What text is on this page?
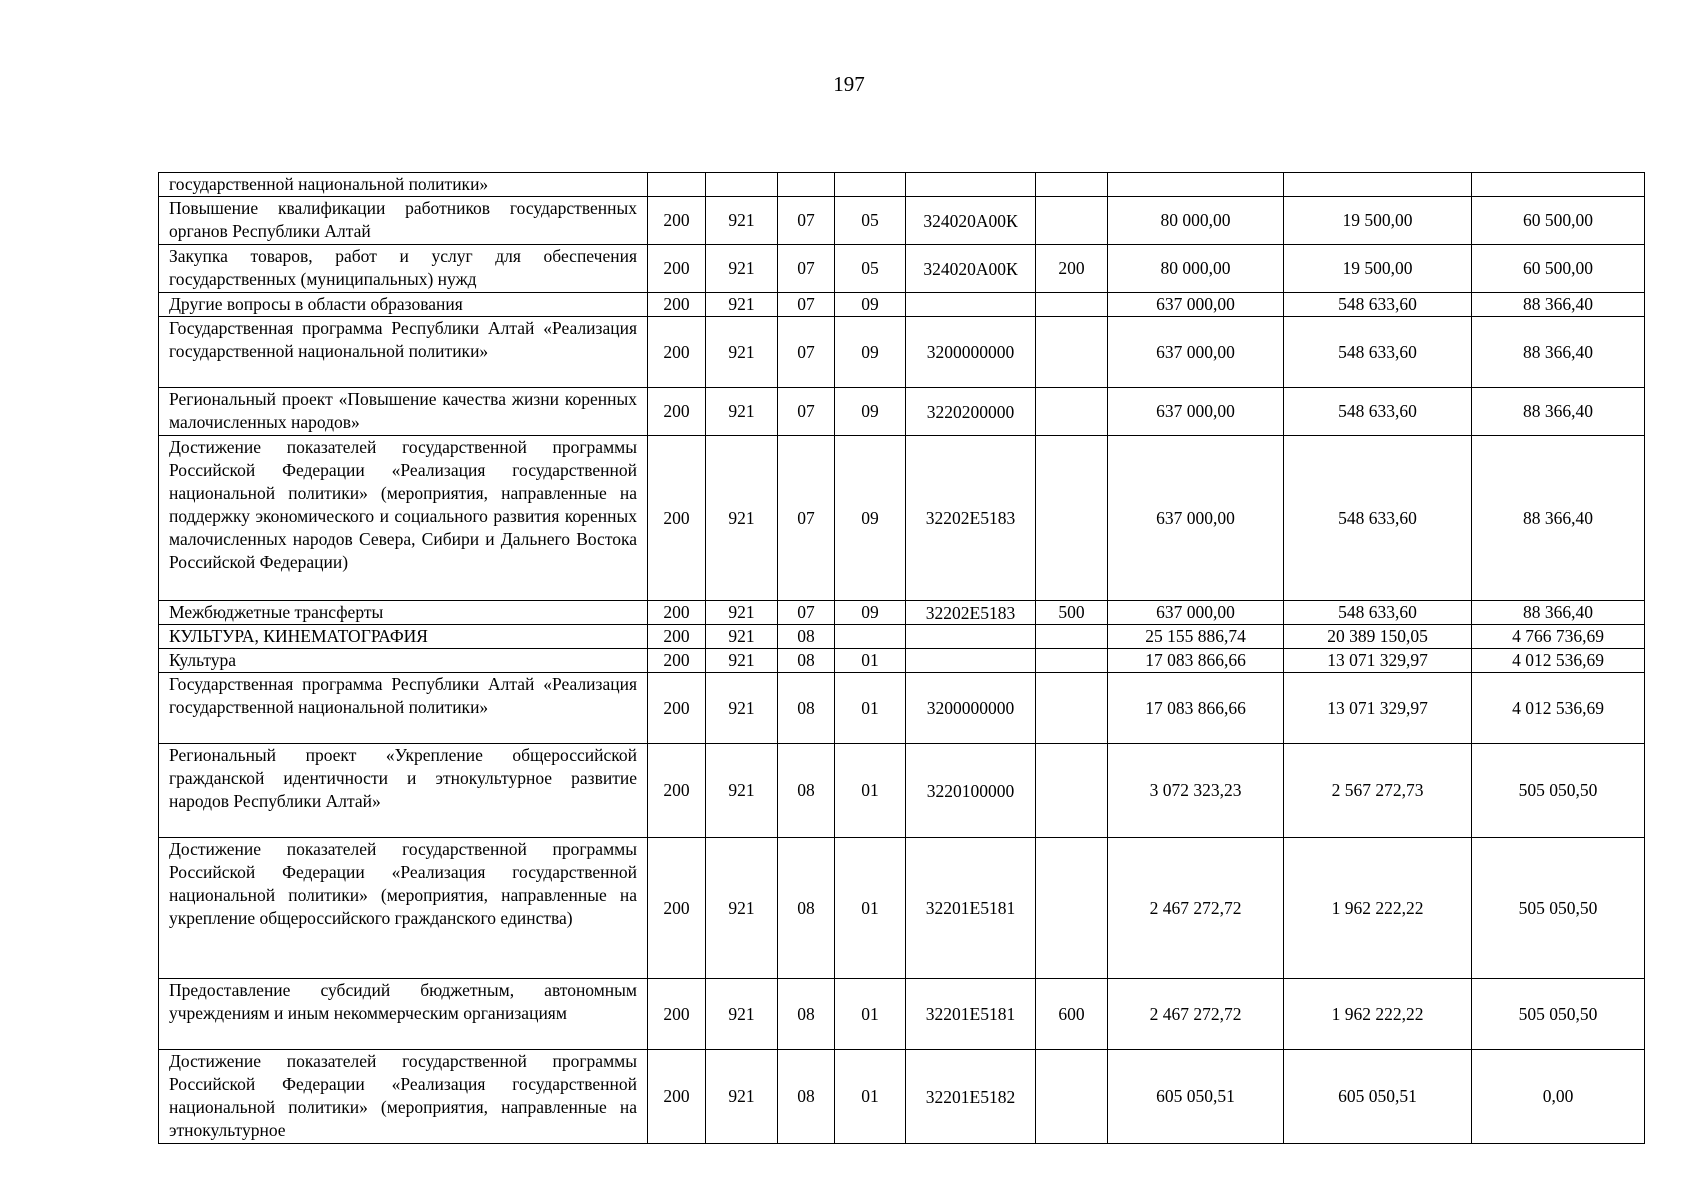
197
государственной национальной политики»									
Повышение квалификации работников государственных органов Республики Алтай	200	921	07	05	324020А00К		80 000,00	19 500,00	60 500,00
Закупка товаров, работ и услуг для обеспечения государственных (муниципальных) нужд	200	921	07	05	324020А00К	200	80 000,00	19 500,00	60 500,00
Другие вопросы в области образования	200	921	07	09			637 000,00	548 633,60	88 366,40
Государственная программа Республики Алтай «Реализация государственной национальной политики»	200	921	07	09	3200000000		637 000,00	548 633,60	88 366,40
Региональный проект «Повышение качества жизни коренных малочисленных народов»	200	921	07	09	3220200000		637 000,00	548 633,60	88 366,40
Достижение показателей государственной программы Российской Федерации «Реализация государственной национальной политики» (мероприятия, направленные на поддержку экономического и социального развития коренных малочисленных народов Севера, Сибири и Дальнего Востока Российской Федерации)	200	921	07	09	32202Е5183		637 000,00	548 633,60	88 366,40
Межбюджетные трансферты	200	921	07	09	32202Е5183	500	637 000,00	548 633,60	88 366,40
КУЛЬТУРА, КИНЕМАТОГРАФИЯ	200	921	08				25 155 886,74	20 389 150,05	4 766 736,69
Культура	200	921	08	01			17 083 866,66	13 071 329,97	4 012 536,69
Государственная программа Республики Алтай «Реализация государственной национальной политики»	200	921	08	01	3200000000		17 083 866,66	13 071 329,97	4 012 536,69
Региональный проект «Укрепление общероссийской гражданской идентичности и этнокультурное развитие народов Республики Алтай»	200	921	08	01	3220100000		3 072 323,23	2 567 272,73	505 050,50
Достижение показателей государственной программы Российской Федерации «Реализация государственной национальной политики» (мероприятия, направленные на укрепление общероссийского гражданского единства)	200	921	08	01	32201Е5181		2 467 272,72	1 962 222,22	505 050,50
Предоставление субсидий бюджетным, автономным учреждениям и иным некоммерческим организациям	200	921	08	01	32201Е5181	600	2 467 272,72	1 962 222,22	505 050,50
Достижение показателей государственной программы Российской Федерации «Реализация государственной национальной политики» (мероприятия, направленные на этнокультурное	200	921	08	01	32201Е5182		605 050,51	605 050,51	0,00
